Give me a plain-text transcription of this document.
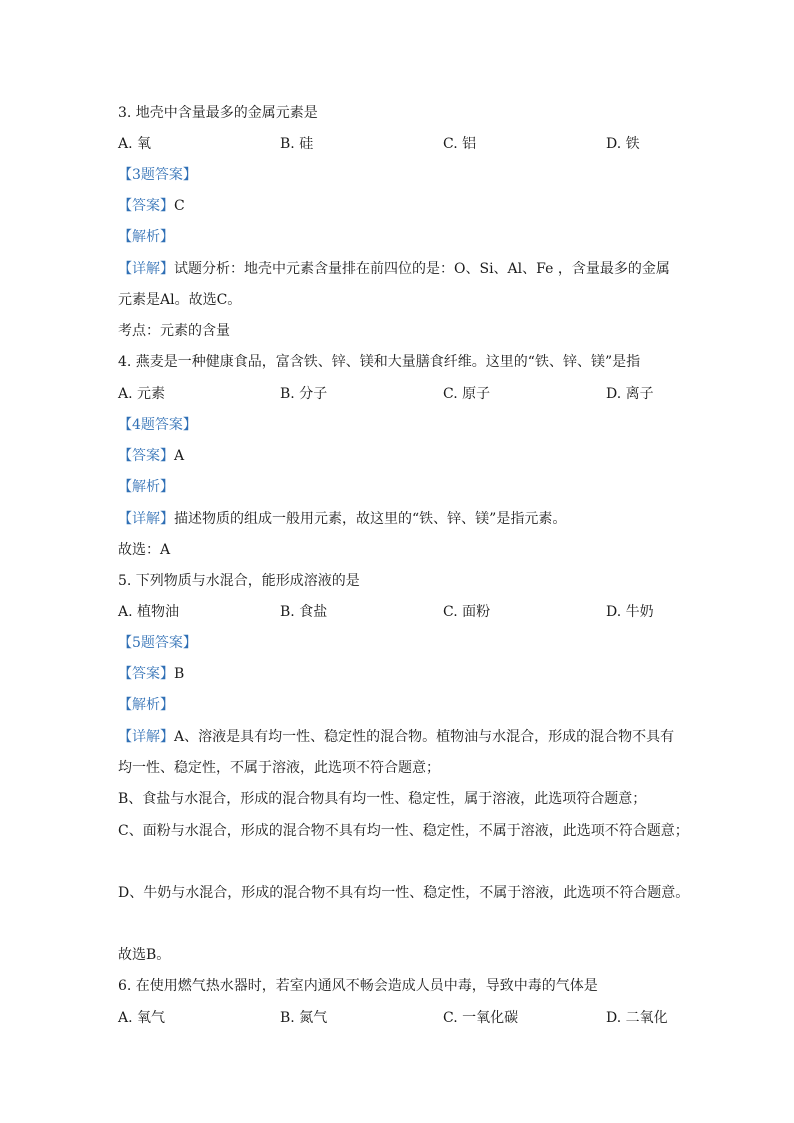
3. 地壳中含量最多的金属元素是
A. 氧	B. 硅	C. 铝	D. 铁
【3题答案】
【答案】C
【解析】
【详解】试题分析：地壳中元素含量排在前四位的是：O、Si、Al、Fe ，含量最多的金属
元素是Al。故选C。
考点：元素的含量
4. 燕麦是一种健康食品，富含铁、锌、镁和大量膳食纤维。这里的“铁、锌、镁”是指
A. 元素	B. 分子	C. 原子	D. 离子
【4题答案】
【答案】A
【解析】
【详解】描述物质的组成一般用元素，故这里的“铁、锌、镁”是指元素。
故选：A
5. 下列物质与水混合，能形成溶液的是
A. 植物油	B. 食盐	C. 面粉	D. 牛奶
【5题答案】
【答案】B
【解析】
【详解】A、溶液是具有均一性、稳定性的混合物。植物油与水混合，形成的混合物不具有
均一性、稳定性，不属于溶液，此选项不符合题意；
B、食盐与水混合，形成的混合物具有均一性、稳定性，属于溶液，此选项符合题意；
C、面粉与水混合，形成的混合物不具有均一性、稳定性，不属于溶液，此选项不符合题意；
D、牛奶与水混合，形成的混合物不具有均一性、稳定性，不属于溶液，此选项不符合题意。
故选B。
6. 在使用燃气热水器时，若室内通风不畅会造成人员中毒，导致中毒的气体是
A. 氧气	B. 氮气	C. 一氧化碳	D. 二氧化
